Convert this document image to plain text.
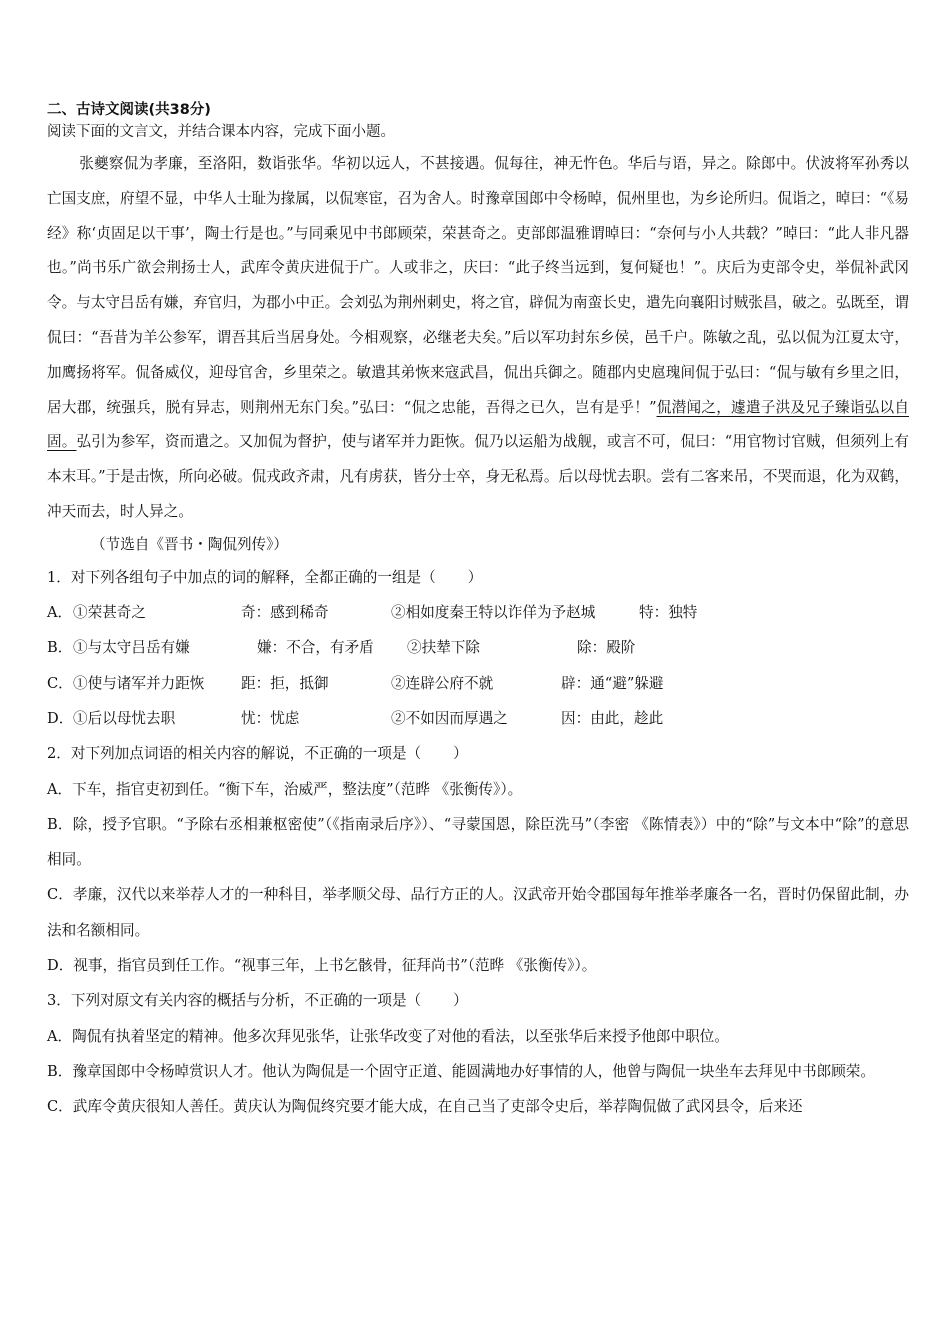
二、古诗文阅读(共38分)

阅读下面的文言文，并结合课本内容，完成下面小题。

张夔察侃为孝廉，至洛阳，数诣张华。华初以远人，不甚接遇。侃每往，神无忤色。华后与语，异之。除郎中。伏波将军孙秀以亡国支庶，府望不显，中华人士耻为掾属，以侃寒宦，召为舍人。时豫章国郎中令杨晫，侃州里也，为乡论所归。侃诣之，晫曰：“《易经》称‘贞固足以干事’，陶士行是也。”与同乘见中书郎顾荣，荣甚奇之。吏部郎温雅谓晫曰：“奈何与小人共载？”晫曰：“此人非凡器也。”尚书乐广欲会荆扬士人，武库令黄庆进侃于广。人或非之，庆曰：“此子终当远到，复何疑也！”。庆后为吏部令史，举侃补武冈令。与太守吕岳有嫌，弃官归，为郡小中正。会刘弘为荆州刺史，将之官，辟侃为南蛮长史，遣先向襄阳讨贼张昌，破之。弘既至，谓侃曰：“吾昔为羊公参军，谓吾其后当居身处。今相观察，必继老夫矣。”后以军功封东乡侯，邑千户。陈敏之乱，弘以侃为江夏太守，加鹰扬将军。侃备威仪，迎母官舍，乡里荣之。敏遣其弟恢来寇武昌，侃出兵御之。随郡内史扈瑰间侃于弘曰：“侃与敏有乡里之旧，居大郡，统强兵，脱有异志，则荆州无东门矣。”弘曰：“侃之忠能，吾得之已久，岂有是乎！”侃潜闻之，遽遣子洪及兄子臻诣弘以自固。弘引为参军，资而遣之。又加侃为督护，使与诸军并力距恢。侃乃以运船为战舰，或言不可，侃曰：“用官物讨官贼，但须列上有本末耳。”于是击恢，所向必破。侃戎政齐肃，凡有虏获，皆分士卒，身无私焉。后以母忧去职。尝有二客来吊，不哭而退，化为双鹤，冲天而去，时人异之。

（节选自《晋书・陶侃列传》）

1．对下列各组句子中加点的词的解释，全都正确的一组是（ ）

A． ①荣甚奇之	奇：感到稀奇	②相如度秦王特以诈佯为予赵城	特：独特
B． ①与太守吕岳有嫌	嫌：不合，有矛盾	②扶辇下除	除：殿阶
C． ①使与诸军并力距恢	距：拒，抵御	②连辟公府不就	辟：通“避”躲避
D． ①后以母忧去职	忧：忧虑	②不如因而厚遇之	因：由此，趁此

2．对下列加点词语的相关内容的解说，不正确的一项是（ ）

A．下车，指官吏初到任。“衡下车，治威严，整法度”（范晔 《张衡传》）。

B．除，授予官职。“予除右丞相兼枢密使”（《指南录后序》）、“寻蒙国恩，除臣洗马”（李密 《陈情表》）中的“除”与文本中“除”的意思相同。

C．孝廉，汉代以来举荐人才的一种科目，举孝顺父母、品行方正的人。汉武帝开始令郡国每年推举孝廉各一名，晋时仍保留此制，办法和名额相同。

D．视事，指官员到任工作。“视事三年，上书乞骸骨，征拜尚书”（范晔 《张衡传》）。

3．下列对原文有关内容的概括与分析，不正确的一项是（ ）

A．陶侃有执着坚定的精神。他多次拜见张华，让张华改变了对他的看法，以至张华后来授予他郎中职位。

B．豫章国郎中令杨晫赏识人才。他认为陶侃是一个固守正道、能圆满地办好事情的人，他曾与陶侃一块坐车去拜见中书郎顾荣。

C．武库令黄庆很知人善任。黄庆认为陶侃终究要才能大成，在自己当了吏部令史后，举荐陶侃做了武冈县令，后来还
